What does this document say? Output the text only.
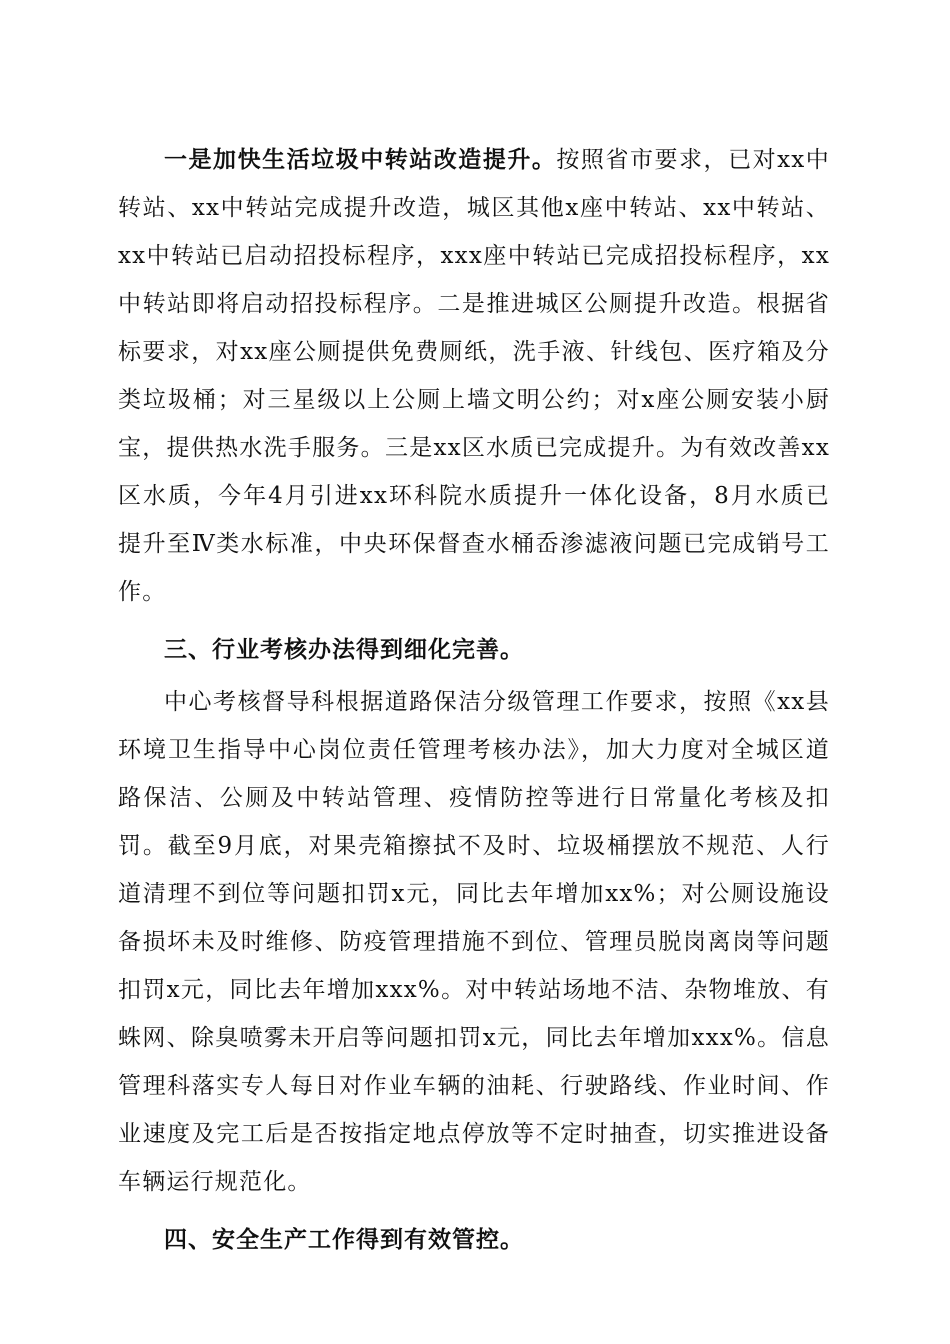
一是加快生活垃圾中转站改造提升。按照省市要求，已对xx中转站、xx中转站完成提升改造，城区其他x座中转站、xx中转站、xx中转站已启动招投标程序，xxx座中转站已完成招投标程序，xx中转站即将启动招投标程序。二是推进城区公厕提升改造。根据省标要求，对xx座公厕提供免费厕纸，洗手液、针线包、医疗箱及分类垃圾桶；对三星级以上公厕上墙文明公约；对x座公厕安装小厨宝，提供热水洗手服务。三是xx区水质已完成提升。为有效改善xx区水质，今年4月引进xx环科院水质提升一体化设备，8月水质已提升至Ⅳ类水标准，中央环保督查水桶岙渗滤液问题已完成销号工作。

三、行业考核办法得到细化完善。

中心考核督导科根据道路保洁分级管理工作要求，按照《xx县环境卫生指导中心岗位责任管理考核办法》，加大力度对全城区道路保洁、公厕及中转站管理、疫情防控等进行日常量化考核及扣罚。截至9月底，对果壳箱擦拭不及时、垃圾桶摆放不规范、人行道清理不到位等问题扣罚x元，同比去年增加xx%；对公厕设施设备损坏未及时维修、防疫管理措施不到位、管理员脱岗离岗等问题扣罚x元，同比去年增加xxx%。对中转站场地不洁、杂物堆放、有蛛网、除臭喷雾未开启等问题扣罚x元，同比去年增加xxx%。信息管理科落实专人每日对作业车辆的油耗、行驶路线、作业时间、作业速度及完工后是否按指定地点停放等不定时抽查，切实推进设备车辆运行规范化。

四、安全生产工作得到有效管控。
